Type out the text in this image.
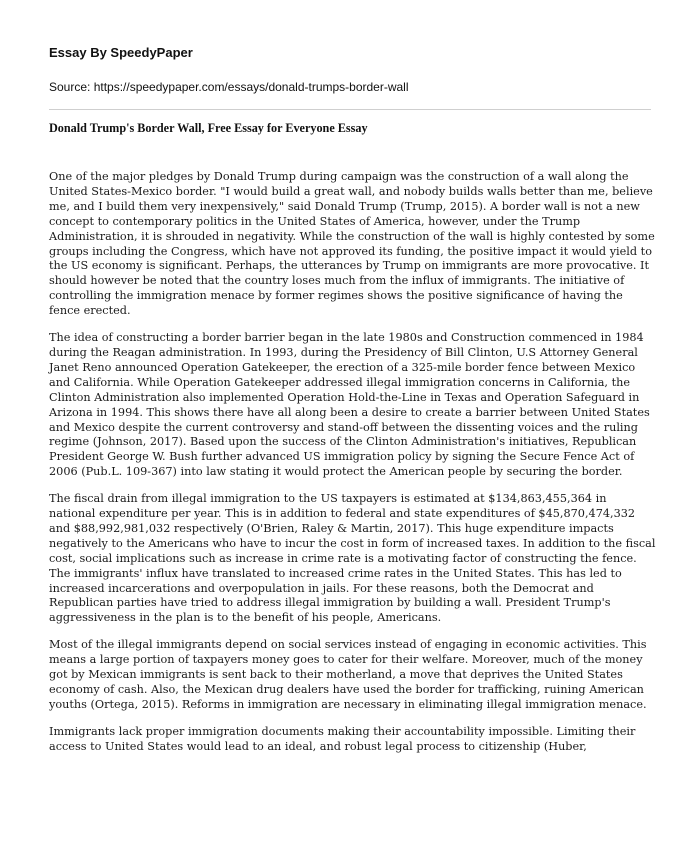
Essay By SpeedyPaper
Source: https://speedypaper.com/essays/donald-trumps-border-wall
Donald Trump's Border Wall, Free Essay for Everyone Essay

One of the major pledges by Donald Trump during campaign was the construction of a wall along the United States-Mexico border. "I would build a great wall, and nobody builds walls better than me, believe me, and I build them very inexpensively," said Donald Trump (Trump, 2015). A border wall is not a new concept to contemporary politics in the United States of America, however, under the Trump Administration, it is shrouded in negativity. While the construction of the wall is highly contested by some groups including the Congress, which have not approved its funding, the positive impact it would yield to the US economy is significant. Perhaps, the utterances by Trump on immigrants are more provocative. It should however be noted that the country loses much from the influx of immigrants. The initiative of controlling the immigration menace by former regimes shows the positive significance of having the fence erected.

The idea of constructing a border barrier began in the late 1980s and Construction commenced in 1984 during the Reagan administration. In 1993, during the Presidency of Bill Clinton, U.S Attorney General Janet Reno announced Operation Gatekeeper, the erection of a 325-mile border fence between Mexico and California. While Operation Gatekeeper addressed illegal immigration concerns in California, the Clinton Administration also implemented Operation Hold-the-Line in Texas and Operation Safeguard in Arizona in 1994. This shows there have all along been a desire to create a barrier between United States and Mexico despite the current controversy and stand-off between the dissenting voices and the ruling regime (Johnson, 2017). Based upon the success of the Clinton Administration's initiatives, Republican President George W. Bush further advanced US immigration policy by signing the Secure Fence Act of 2006 (Pub.L. 109-367) into law stating it would protect the American people by securing the border.

The fiscal drain from illegal immigration to the US taxpayers is estimated at $134,863,455,364 in national expenditure per year. This is in addition to federal and state expenditures of $45,870,474,332 and $88,992,981,032 respectively (O'Brien, Raley & Martin, 2017). This huge expenditure impacts negatively to the Americans who have to incur the cost in form of increased taxes. In addition to the fiscal cost, social implications such as increase in crime rate is a motivating factor of constructing the fence. The immigrants' influx have translated to increased crime rates in the United States. This has led to increased incarcerations and overpopulation in jails. For these reasons, both the Democrat and Republican parties have tried to address illegal immigration by building a wall. President Trump's aggressiveness in the plan is to the benefit of his people, Americans.

Most of the illegal immigrants depend on social services instead of engaging in economic activities. This means a large portion of taxpayers money goes to cater for their welfare. Moreover, much of the money got by Mexican immigrants is sent back to their motherland, a move that deprives the United States economy of cash. Also, the Mexican drug dealers have used the border for trafficking, ruining American youths (Ortega, 2015). Reforms in immigration are necessary in eliminating illegal immigration menace.

Immigrants lack proper immigration documents making their accountability impossible. Limiting their access to United States would lead to an ideal, and robust legal process to citizenship (Huber,
